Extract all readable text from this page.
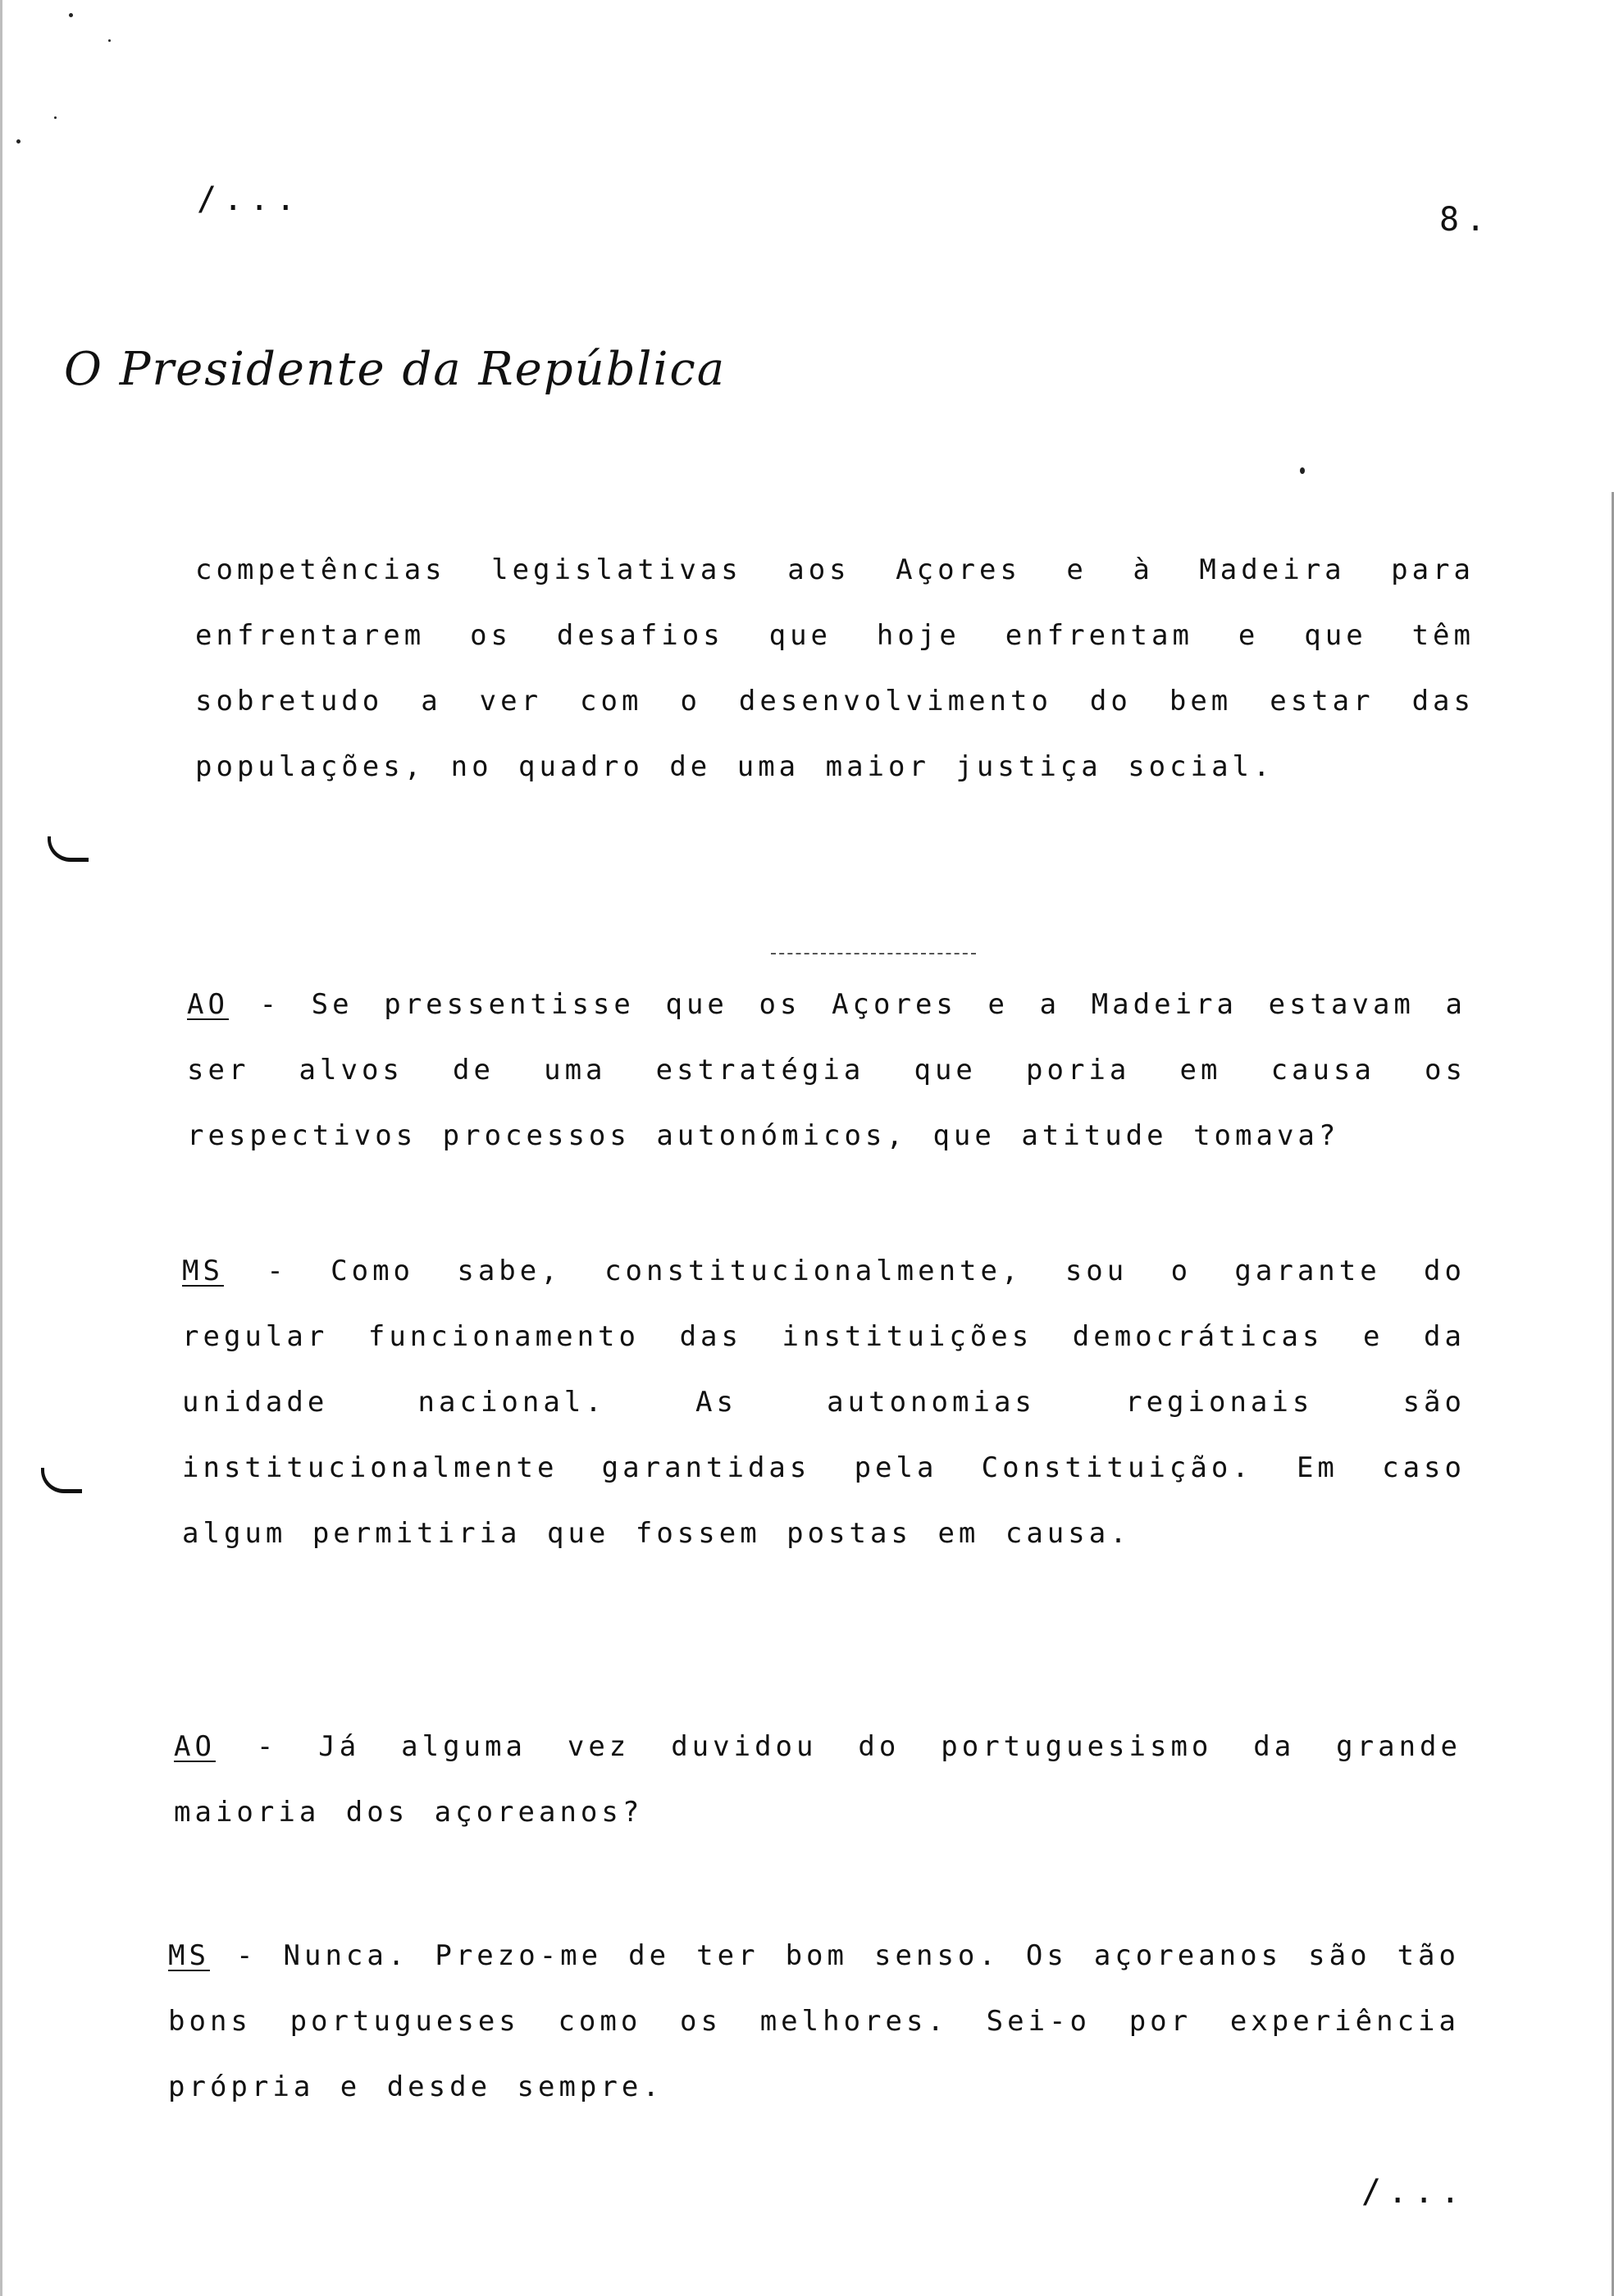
/...
8.
O Presidente da República
competências legislativas aos Açores e à Madeira para enfrentarem os desafios que hoje enfrentam e que têm sobretudo a ver com o desenvolvimento do bem estar das populações, no quadro de uma maior justiça social.
AO - Se pressentisse que os Açores e a Madeira estavam a ser alvos de uma estratégia que poria em causa os respectivos processos autonómicos, que atitude tomava?
MS - Como sabe, constitucionalmente, sou o garante do regular funcionamento das instituições democráticas e da unidade nacional. As autonomias regionais são institucionalmente garantidas pela Constituição. Em caso algum permitiria que fossem postas em causa.
AO - Já alguma vez duvidou do portuguesismo da grande maioria dos açoreanos?
MS - Nunca. Prezo-me de ter bom senso. Os açoreanos são tão bons portugueses como os melhores. Sei-o por experiência própria e desde sempre.
/...
